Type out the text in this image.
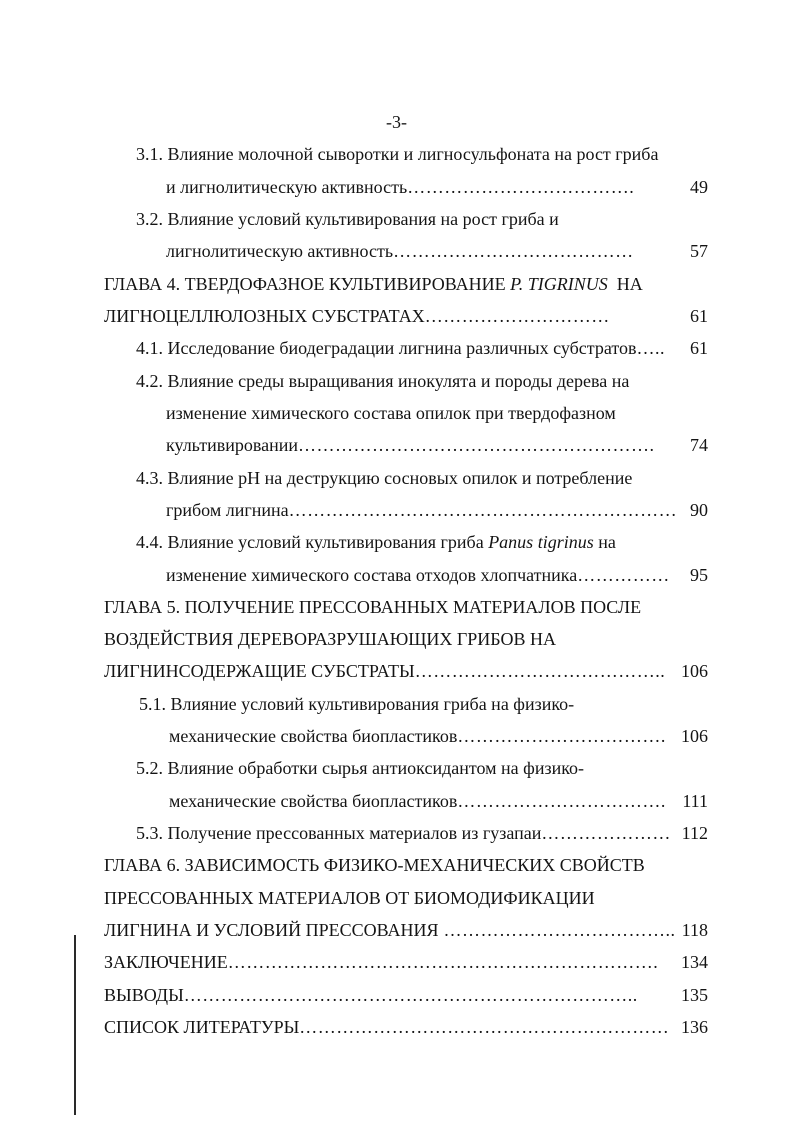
-3-
3.1. Влияние молочной сыворотки и лигносульфоната на рост гриба
и лигнолитическую активность……………………………….	49
3.2. Влияние условий культивирования на рост гриба и
лигнолитическую активность…………………………………	57
ГЛАВА 4. ТВЕРДОФАЗНОЕ КУЛЬТИВИРОВАНИЕ P. TIGRINUS  НА
ЛИГНОЦЕЛЛЮЛОЗНЫХ СУБСТРАТАХ…………………………	61
4.1. Исследование биодеградации лигнина различных субстратов….. 61
4.2. Влияние среды выращивания инокулята и породы дерева на
изменение химического состава опилок при твердофазном
культивировании…………………………………………………. 74
4.3. Влияние pH на деструкцию сосновых опилок и потребление
грибом лигнина……………………………………………………… 90
4.4. Влияние условий культивирования гриба Panus tigrinus на
изменение химического состава отходов хлопчатника…………… 95
ГЛАВА 5. ПОЛУЧЕНИЕ ПРЕССОВАННЫХ МАТЕРИАЛОВ ПОСЛЕ
ВОЗДЕЙСТВИЯ ДЕРЕВОРАЗРУШАЮЩИХ ГРИБОВ НА
ЛИГНИНСОДЕРЖАЩИЕ СУБСТРАТЫ………………………………….. 106
5.1. Влияние условий культивирования гриба на физико-
механические свойства биопластиков……………………………. 106
5.2. Влияние обработки сырья антиоксидантом на физико-
механические свойства биопластиков……………………………. 111
5.3. Получение прессованных материалов из гузапаи………………… 112
ГЛАВА 6. ЗАВИСИМОСТЬ ФИЗИКО-МЕХАНИЧЕСКИХ СВОЙСТВ
ПРЕССОВАННЫХ МАТЕРИАЛОВ ОТ БИОМОДИФИКАЦИИ
ЛИГНИНА И УСЛОВИЙ ПРЕССОВАНИЯ ……………………………….. 118
ЗАКЛЮЧЕНИЕ……………………………………………………………. 134
ВЫВОДЫ……………………………………………………………….. 135
СПИСОК ЛИТЕРАТУРЫ…………………………………………………… 136
